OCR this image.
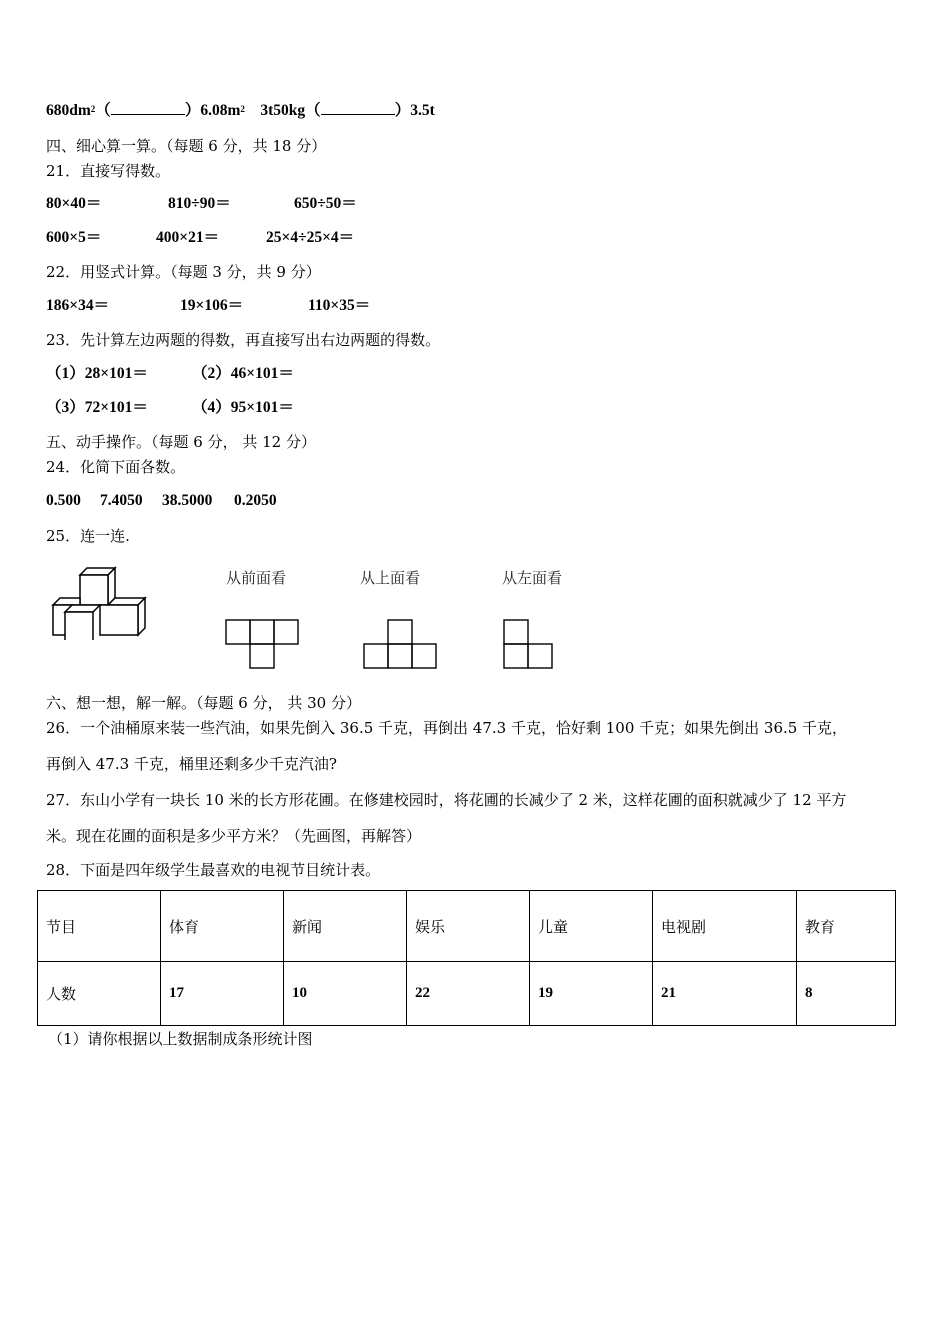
$680dm^2$（	）$6.08m^2$ 3t50kg（	）3.5t
四、细心算一算。（每题 6 分，共 18 分）
21．直接写得数。
80×40＝	810÷90＝	650÷50＝
600×5＝	400×21＝	25×4÷25×4＝
22．用竖式计算。（每题 3 分，共 9 分）
186×34＝	19×106＝	110×35＝
23．先计算左边两题的得数，再直接写出右边两题的得数。
（1）28×101＝	（2）46×101＝
（3）72×101＝	（4）95×101＝
五、动手操作。（每题 6 分， 共 12 分）
24．化简下面各数。
0.500 7.4050 38.5000 0.2050
25．连一连.
从前面看	从上面看	从左面看
六、想一想，解一解。（每题 6 分， 共 30 分）
26．一个油桶原来装一些汽油，如果先倒入 36.5 千克，再倒出 47.3 千克，恰好剩 100 千克；如果先倒出 36.5 千克，
再倒入 47.3 千克，桶里还剩多少千克汽油?
27．东山小学有一块长 10 米的长方形花圃。在修建校园时，将花圃的长减少了 2 米，这样花圃的面积就减少了 12 平方
米。现在花圃的面积是多少平方米？（先画图，再解答）
28．下面是四年级学生最喜欢的电视节目统计表。
节目	体育	新闻	娱乐	儿童	电视剧	教育
人数	17	10	22	19	21	8
（1）请你根据以上数据制成条形统计图
